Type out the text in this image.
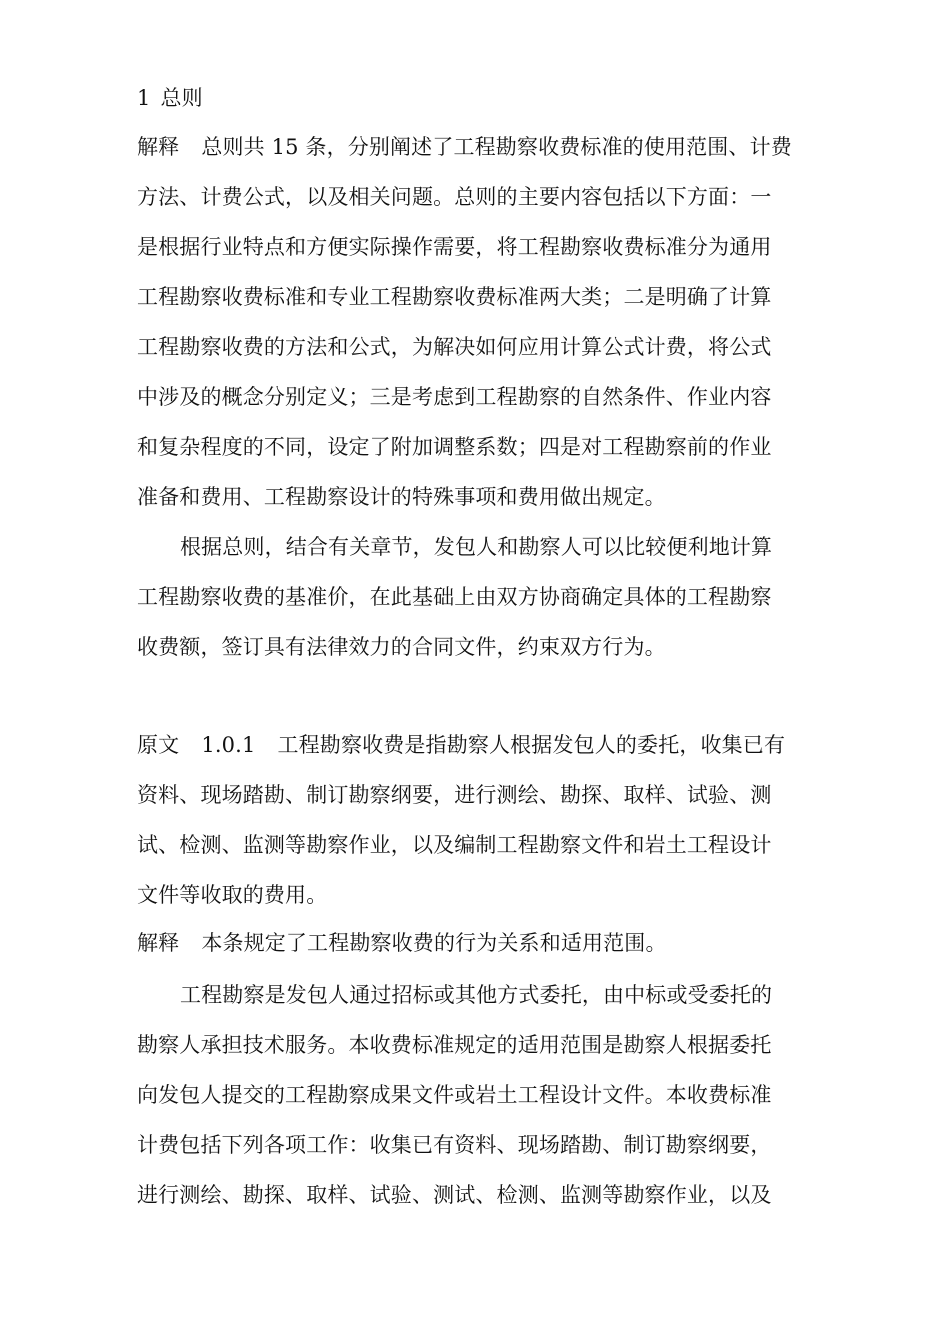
1 总则
解释 总则共 15 条，分别阐述了工程勘察收费标准的使用范围、计费
方法、计费公式，以及相关问题。总则的主要内容包括以下方面：一
是根据行业特点和方便实际操作需要，将工程勘察收费标准分为通用
工程勘察收费标准和专业工程勘察收费标准两大类；二是明确了计算
工程勘察收费的方法和公式，为解决如何应用计算公式计费，将公式
中涉及的概念分别定义；三是考虑到工程勘察的自然条件、作业内容
和复杂程度的不同，设定了附加调整系数；四是对工程勘察前的作业
准备和费用、工程勘察设计的特殊事项和费用做出规定。
根据总则，结合有关章节，发包人和勘察人可以比较便利地计算
工程勘察收费的基准价，在此基础上由双方协商确定具体的工程勘察
收费额，签订具有法律效力的合同文件，约束双方行为。
原文 1.0.1 工程勘察收费是指勘察人根据发包人的委托，收集已有
资料、现场踏勘、制订勘察纲要，进行测绘、勘探、取样、试验、测
试、检测、监测等勘察作业，以及编制工程勘察文件和岩土工程设计
文件等收取的费用。
解释 本条规定了工程勘察收费的行为关系和适用范围。
工程勘察是发包人通过招标或其他方式委托，由中标或受委托的
勘察人承担技术服务。本收费标准规定的适用范围是勘察人根据委托
向发包人提交的工程勘察成果文件或岩土工程设计文件。本收费标准
计费包括下列各项工作：收集已有资料、现场踏勘、制订勘察纲要，
进行测绘、勘探、取样、试验、测试、检测、监测等勘察作业，以及
